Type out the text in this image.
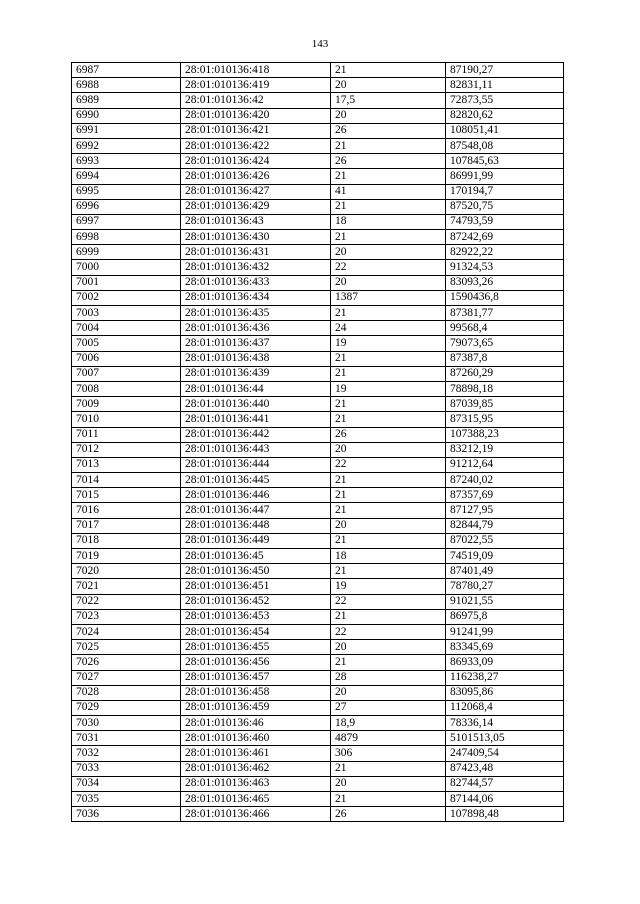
143
6987	28:01:010136:418	21	87190,27
6988	28:01:010136:419	20	82831,11
6989	28:01:010136:42	17,5	72873,55
6990	28:01:010136:420	20	82820,62
6991	28:01:010136:421	26	108051,41
6992	28:01:010136:422	21	87548,08
6993	28:01:010136:424	26	107845,63
6994	28:01:010136:426	21	86991,99
6995	28:01:010136:427	41	170194,7
6996	28:01:010136:429	21	87520,75
6997	28:01:010136:43	18	74793,59
6998	28:01:010136:430	21	87242,69
6999	28:01:010136:431	20	82922,22
7000	28:01:010136:432	22	91324,53
7001	28:01:010136:433	20	83093,26
7002	28:01:010136:434	1387	1590436,8
7003	28:01:010136:435	21	87381,77
7004	28:01:010136:436	24	99568,4
7005	28:01:010136:437	19	79073,65
7006	28:01:010136:438	21	87387,8
7007	28:01:010136:439	21	87260,29
7008	28:01:010136:44	19	78898,18
7009	28:01:010136:440	21	87039,85
7010	28:01:010136:441	21	87315,95
7011	28:01:010136:442	26	107388,23
7012	28:01:010136:443	20	83212,19
7013	28:01:010136:444	22	91212,64
7014	28:01:010136:445	21	87240,02
7015	28:01:010136:446	21	87357,69
7016	28:01:010136:447	21	87127,95
7017	28:01:010136:448	20	82844,79
7018	28:01:010136:449	21	87022,55
7019	28:01:010136:45	18	74519,09
7020	28:01:010136:450	21	87401,49
7021	28:01:010136:451	19	78780,27
7022	28:01:010136:452	22	91021,55
7023	28:01:010136:453	21	86975,8
7024	28:01:010136:454	22	91241,99
7025	28:01:010136:455	20	83345,69
7026	28:01:010136:456	21	86933,09
7027	28:01:010136:457	28	116238,27
7028	28:01:010136:458	20	83095,86
7029	28:01:010136:459	27	112068,4
7030	28:01:010136:46	18,9	78336,14
7031	28:01:010136:460	4879	5101513,05
7032	28:01:010136:461	306	247409,54
7033	28:01:010136:462	21	87423,48
7034	28:01:010136:463	20	82744,57
7035	28:01:010136:465	21	87144,06
7036	28:01:010136:466	26	107898,48
